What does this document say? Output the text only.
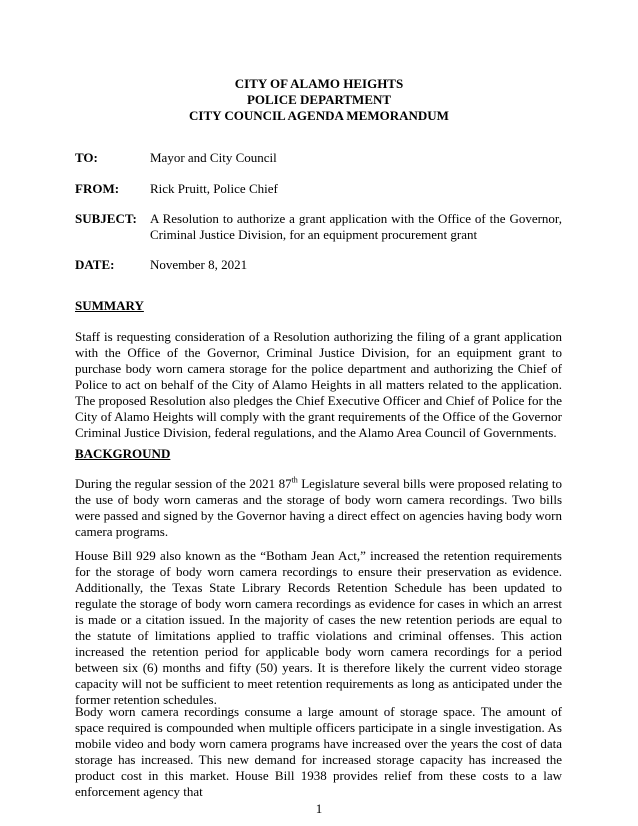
CITY OF ALAMO HEIGHTS
POLICE DEPARTMENT
CITY COUNCIL AGENDA MEMORANDUM
TO:	Mayor and City Council
FROM: Rick Pruitt, Police Chief
SUBJECT: A Resolution to authorize a grant application with the Office of the Governor, Criminal Justice Division, for an equipment procurement grant
DATE:	November 8, 2021
SUMMARY

Staff is requesting consideration of a Resolution authorizing the filing of a grant application with the Office of the Governor, Criminal Justice Division, for an equipment grant to purchase body worn camera storage for the police department and authorizing the Chief of Police to act on behalf of the City of Alamo Heights in all matters related to the application. The proposed Resolution also pledges the Chief Executive Officer and Chief of Police for the City of Alamo Heights will comply with the grant requirements of the Office of the Governor Criminal Justice Division, federal regulations, and the Alamo Area Council of Governments.

BACKGROUND

During the regular session of the 2021 87th Legislature several bills were proposed relating to the use of body worn cameras and the storage of body worn camera recordings. Two bills were passed and signed by the Governor having a direct effect on agencies having body worn camera programs.

House Bill 929 also known as the “Botham Jean Act,” increased the retention requirements for the storage of body worn camera recordings to ensure their preservation as evidence. Additionally, the Texas State Library Records Retention Schedule has been updated to regulate the storage of body worn camera recordings as evidence for cases in which an arrest is made or a citation issued. In the majority of cases the new retention periods are equal to the statute of limitations applied to traffic violations and criminal offenses. This action increased the retention period for applicable body worn camera recordings for a period between six (6) months and fifty (50) years. It is therefore likely the current video storage capacity will not be sufficient to meet retention requirements as long as anticipated under the former retention schedules.

Body worn camera recordings consume a large amount of storage space. The amount of space required is compounded when multiple officers participate in a single investigation. As mobile video and body worn camera programs have increased over the years the cost of data storage has increased. This new demand for increased storage capacity has increased the product cost in this market. House Bill 1938 provides relief from these costs to a law enforcement agency that

1
